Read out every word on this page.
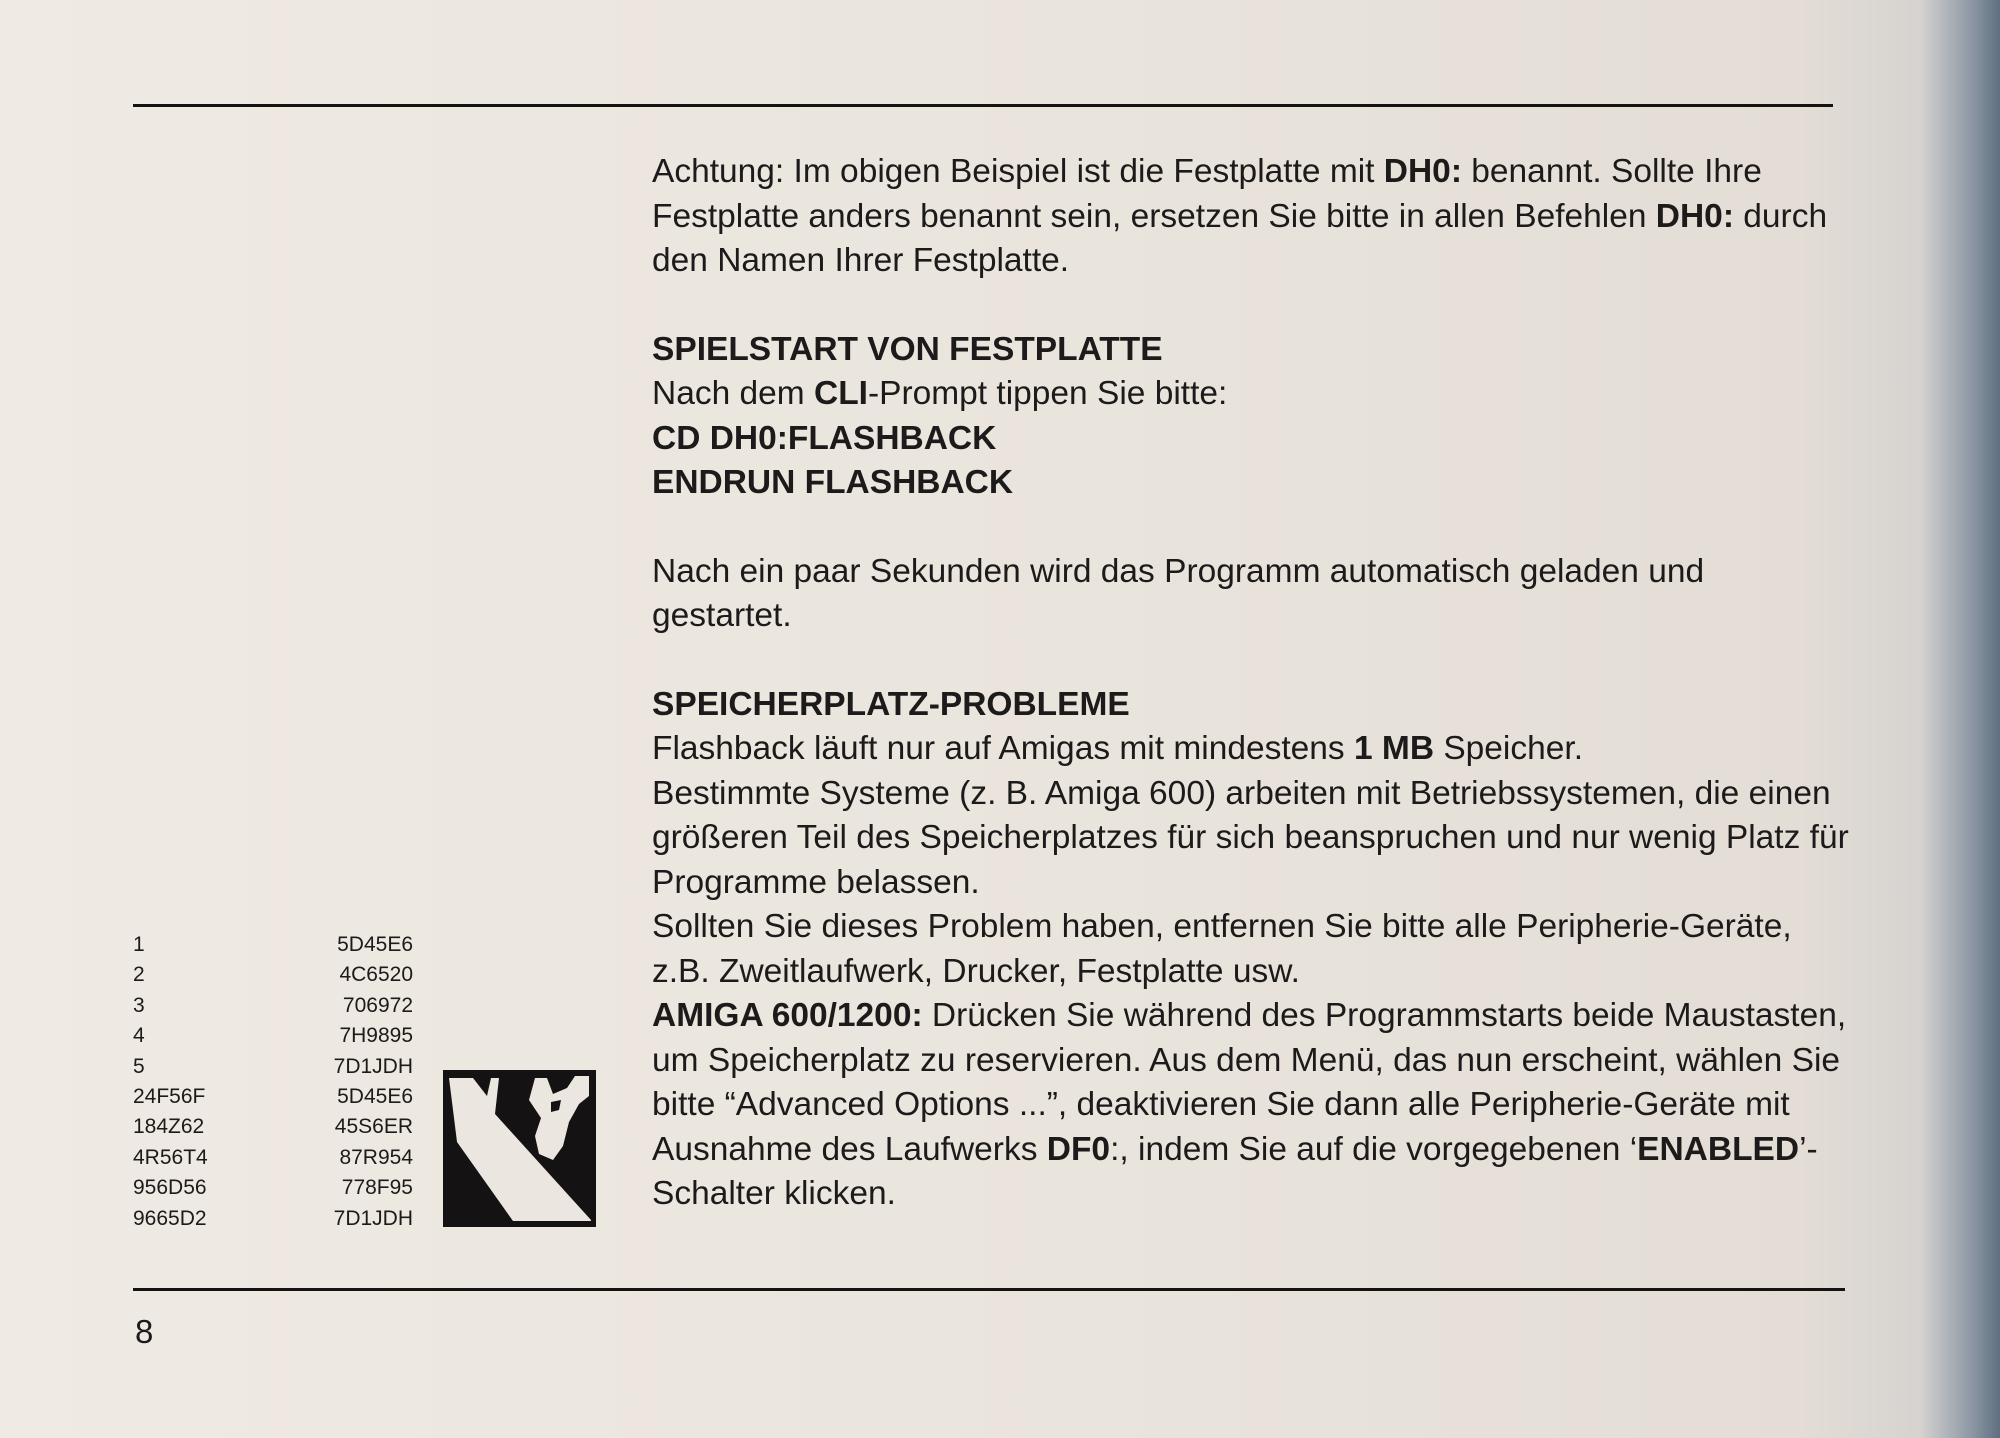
Achtung: Im obigen Beispiel ist die Festplatte mit DH0: benannt. Sollte Ihre Festplatte anders benannt sein, ersetzen Sie bitte in allen Befehlen DH0: durch den Namen Ihrer Festplatte.

SPIELSTART VON FESTPLATTE

Nach dem CLI-Prompt tippen Sie bitte:

CD DH0:FLASHBACK

ENDRUN FLASHBACK

Nach ein paar Sekunden wird das Programm automatisch geladen und gestartet.

SPEICHERPLATZ-PROBLEME

Flashback läuft nur auf Amigas mit mindestens 1 MB Speicher.

Bestimmte Systeme (z. B. Amiga 600) arbeiten mit Betriebssystemen, die einen größeren Teil des Speicherplatzes für sich beanspruchen und nur wenig Platz für Programme belassen.

Sollten Sie dieses Problem haben, entfernen Sie bitte alle Peripherie-Geräte, z.B. Zweitlaufwerk, Drucker, Festplatte usw.

AMIGA 600/1200: Drücken Sie während des Programmstarts beide Maustasten, um Speicherplatz zu reservieren. Aus dem Menü, das nun erscheint, wählen Sie bitte “Advanced Options ...”, deaktivieren Sie dann alle Peripherie-Geräte mit Ausnahme des Laufwerks DF0:, indem Sie auf die vorgegebenen ‘ENABLED’-Schalter klicken.

1	5D45E6
2	4C6520
3	706972
4	7H9895
5	7D1JDH
24F56F	5D45E6
184Z62	45S6ER
4R56T4	87R954
956D56	778F95
9665D2	7D1JDH
8
